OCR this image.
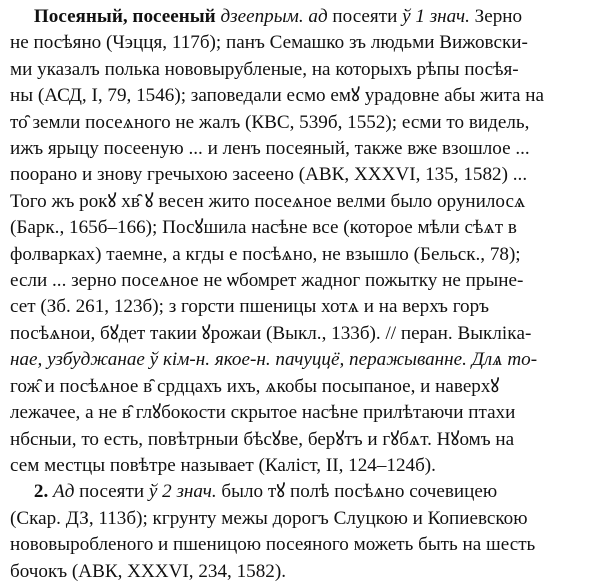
Посеяный, посееный дзеепрым. ад посеяти ў 1 знач. Зерно
не посѣяно (Чэцця, 117б); панъ Семашко зъ людьми Вижовски-
ми указалъ полька нововырубленые, на которыхъ рѣпы посѣя-
ны (АСД, І, 79, 1546); заповедали есмо емꙋ урадовне абы жита на
то̑ земли посеѧного не жалъ (КВС, 539б, 1552); есми то видель,
ижъ ярыцу посееную ... и ленъ посеяный, также вже взошлое ...
поорано и знову гречыхою засеено (АВК, ХХХVІ, 135, 1582) ...
Того жъ рокꙋ хв̑ ꙋ весен жито посеѧное велми было орунилосѧ
(Барк., 165б–166); Посꙋшила насѣне все (которое мѣли сѣѧт в
фолварках) таемне, а кгды е посѣѧно, не взышло (Бельск., 78);
если ... зерно посеѧное не ѡбомрет жадног пожытку не прыне-
сет (Зб. 261, 123б); з горсти пшеницы хотѧ и на верхъ горъ
посѣѧнои, бꙋдет такии ꙋрожаи (Выкл., 133б). // перан. Выклікa-
нае, узбуджанае ў кім-н. якое-н. пачуццё, перажыванне. Длѧ то-
гож̑ и посѣѧное в̑ срдцахъ ихъ, ѧкобы посыпаное, и наверхꙋ
лежачее, а не в̑ глꙋбокости скрытое насѣне прилѣтаючи птахи
нбсныи, то есть, повѣтрныи бѣсꙋве, берꙋтъ и гꙋбѧт. Нꙋомъ на
сем местцы повѣтре называет (Каліст, ІІ, 124–124б).
2. Ад посеяти ў 2 знач. было тꙋ полѣ посѣѧно сочевицею
(Скар. ДЗ, 113б); кгрунту межы дорогъ Слуцкою и Копиевскою
нововыробленого и пшеницою посеяного можеть быть на шесть
бочокъ (АВК, ХХХVІ, 234, 1582).
